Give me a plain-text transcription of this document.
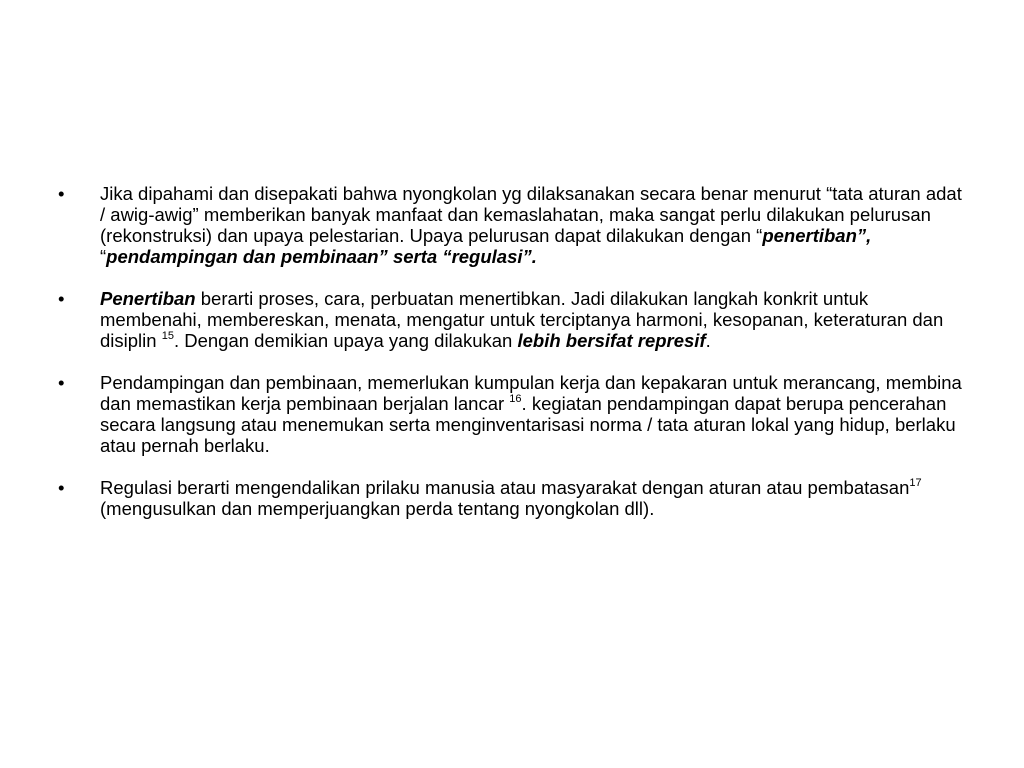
•	Jika dipahami dan disepakati bahwa nyongkolan yg dilaksanakan secara benar menurut “tata aturan adat / awig-awig” memberikan banyak manfaat dan kemaslahatan, maka sangat perlu dilakukan pelurusan (rekonstruksi) dan upaya pelestarian. Upaya pelurusan dapat dilakukan dengan “penertiban”, “pendampingan dan pembinaan” serta “regulasi”.
•	Penertiban berarti proses, cara, perbuatan menertibkan. Jadi dilakukan langkah konkrit untuk membenahi, membereskan, menata, mengatur untuk terciptanya harmoni, kesopanan, keteraturan dan disiplin $^{15}$. Dengan demikian upaya yang dilakukan lebih bersifat represif.
•	Pendampingan dan pembinaan, memerlukan kumpulan kerja dan kepakaran untuk merancang, membina dan memastikan kerja pembinaan berjalan lancar $^{16}$. kegiatan pendampingan dapat berupa pencerahan secara langsung atau menemukan serta menginventarisasi norma / tata aturan lokal yang hidup, berlaku atau pernah berlaku.
•	Regulasi berarti mengendalikan prilaku manusia atau masyarakat dengan aturan atau pembatasan$^{17}$ (mengusulkan dan memperjuangkan perda tentang nyongkolan dll).
